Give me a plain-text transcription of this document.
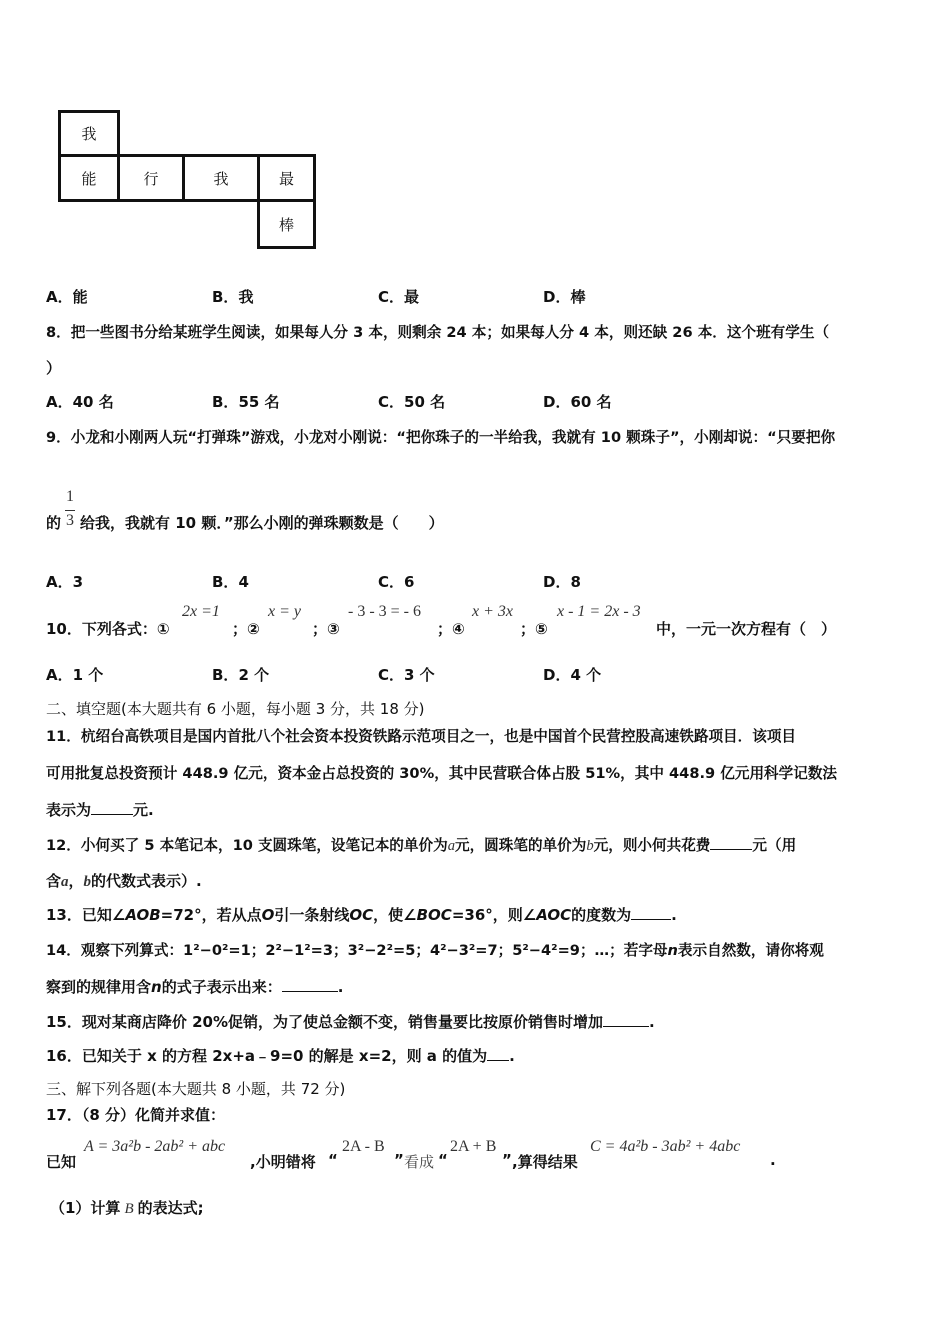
我
能	行	我	最
棒
A．能	B．我	C．最	D．棒
8．把一些图书分给某班学生阅读，如果每人分 3 本，则剩余 24 本；如果每人分 4 本，则还缺 26 本．这个班有学生（
）
A．40 名	B．55 名	C．50 名	D．60 名
9．小龙和小刚两人玩“打弹珠”游戏，小龙对小刚说：“把你珠子的一半给我，我就有 10 颗珠子”，小刚却说：“只要把你
的
1
3 给我，我就有 10 颗．”那么小刚的弹珠颗数是（　　）
A．3	B．4	C．6	D．8
10．下列各式：①
2x =1
；②
x = y
；③
- 3 - 3 = - 6
；④
x + 3x
；⑤
x - 1 = 2x - 3
中，一元一次方程有（　）
A．1 个	B．2 个	C．3 个	D．4 个
二、填空题(本大题共有 6 小题，每小题 3 分，共 18 分)
11．杭绍台高铁项目是国内首批八个社会资本投资铁路示范项目之一，也是中国首个民营控股高速铁路项目．该项目
可用批复总投资预计 448.9 亿元，资本金占总投资的 30%，其中民营联合体占股 51%，其中 448.9 亿元用科学记数法
表示为	元.
12．小何买了 5 本笔记本，10 支圆珠笔，设笔记本的单价为a元，圆珠笔的单价为b元，则小何共花费	元（用
含a，b的代数式表示）.
13．已知∠AOB=72°，若从点O引一条射线OC，使∠BOC=36°，则∠AOC的度数为	.
14．观察下列算式：1²−0²=1；2²−1²=3；3²−2²=5；4²−3²=7；5²−4²=9；…；若字母n表示自然数，请你将观
察到的规律用含n的式子表示出来：	.
15．现对某商店降价 20%促销，为了使总金额不变，销售量要比按原价销售时增加	.
16．已知关于 x 的方程 2x+a﹣9=0 的解是 x=2，则 a 的值为 .
三、解下列各题(本大题共 8 小题，共 72 分)
17．（8 分）化简并求值：
已知
A = 3a²b - 2ab² + abc
,小明错将 “
2A - B
” 看成 “
2A + B
” ,算得结果
C = 4a²b - 3ab² + 4abc
.
（1）计算 B 的表达式;
